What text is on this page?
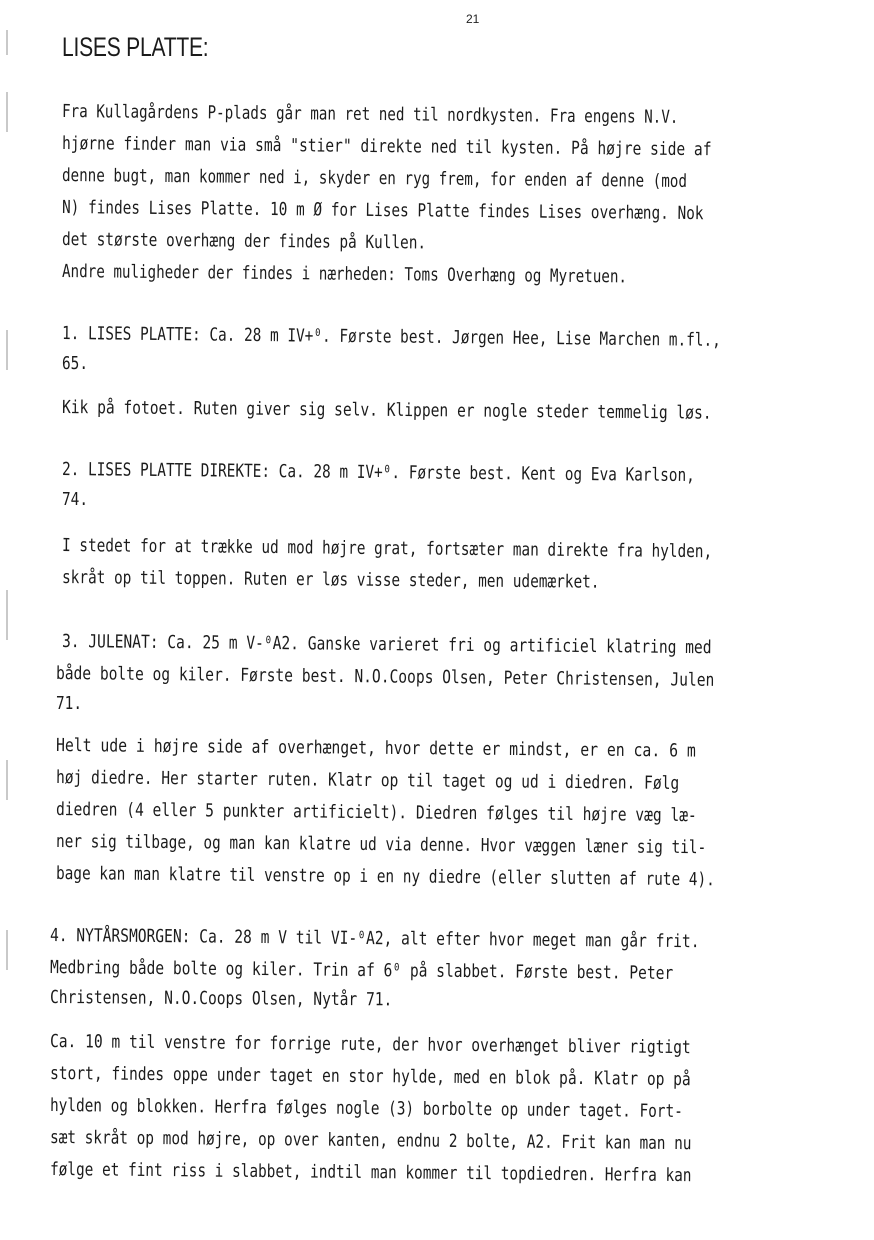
21
LISES PLATTE:
Fra Kullagårdens P-plads går man ret ned til nordkysten. Fra engens N.V.
hjørne finder man via små "stier" direkte ned til kysten. På højre side af
denne bugt, man kommer ned i, skyder en ryg frem, for enden af denne (mod
N) findes Lises Platte. 10 m Ø for Lises Platte findes Lises overhæng. Nok
det største overhæng der findes på Kullen.
Andre muligheder der findes i nærheden: Toms Overhæng og Myretuen.
1. LISES PLATTE: Ca. 28 m IV+⁰. Første best. Jørgen Hee, Lise Marchen m.fl.,
65.
Kik på fotoet. Ruten giver sig selv. Klippen er nogle steder temmelig løs.
2. LISES PLATTE DIREKTE: Ca. 28 m IV+⁰. Første best. Kent og Eva Karlson,
74.
I stedet for at trække ud mod højre grat, fortsæter man direkte fra hylden,
skråt op til toppen. Ruten er løs visse steder, men udemærket.
3. JULENAT: Ca. 25 m V-⁰A2. Ganske varieret fri og artificiel klatring med
både bolte og kiler. Første best. N.O.Coops Olsen, Peter Christensen, Julen
71.
Helt ude i højre side af overhænget, hvor dette er mindst, er en ca. 6 m
høj diedre. Her starter ruten. Klatr op til taget og ud i diedren. Følg
diedren (4 eller 5 punkter artificielt). Diedren følges til højre væg læ-
ner sig tilbage, og man kan klatre ud via denne. Hvor væggen læner sig til-
bage kan man klatre til venstre op i en ny diedre (eller slutten af rute 4).
4. NYTÅRSMORGEN: Ca. 28 m V til VI-⁰A2, alt efter hvor meget man går frit.
Medbring både bolte og kiler. Trin af 6⁰ på slabbet. Første best. Peter
Christensen, N.O.Coops Olsen, Nytår 71.
Ca. 10 m til venstre for forrige rute, der hvor overhænget bliver rigtigt
stort, findes oppe under taget en stor hylde, med en blok på. Klatr op på
hylden og blokken. Herfra følges nogle (3) borbolte op under taget. Fort-
sæt skråt op mod højre, op over kanten, endnu 2 bolte, A2. Frit kan man nu
følge et fint riss i slabbet, indtil man kommer til topdiedren. Herfra kan
